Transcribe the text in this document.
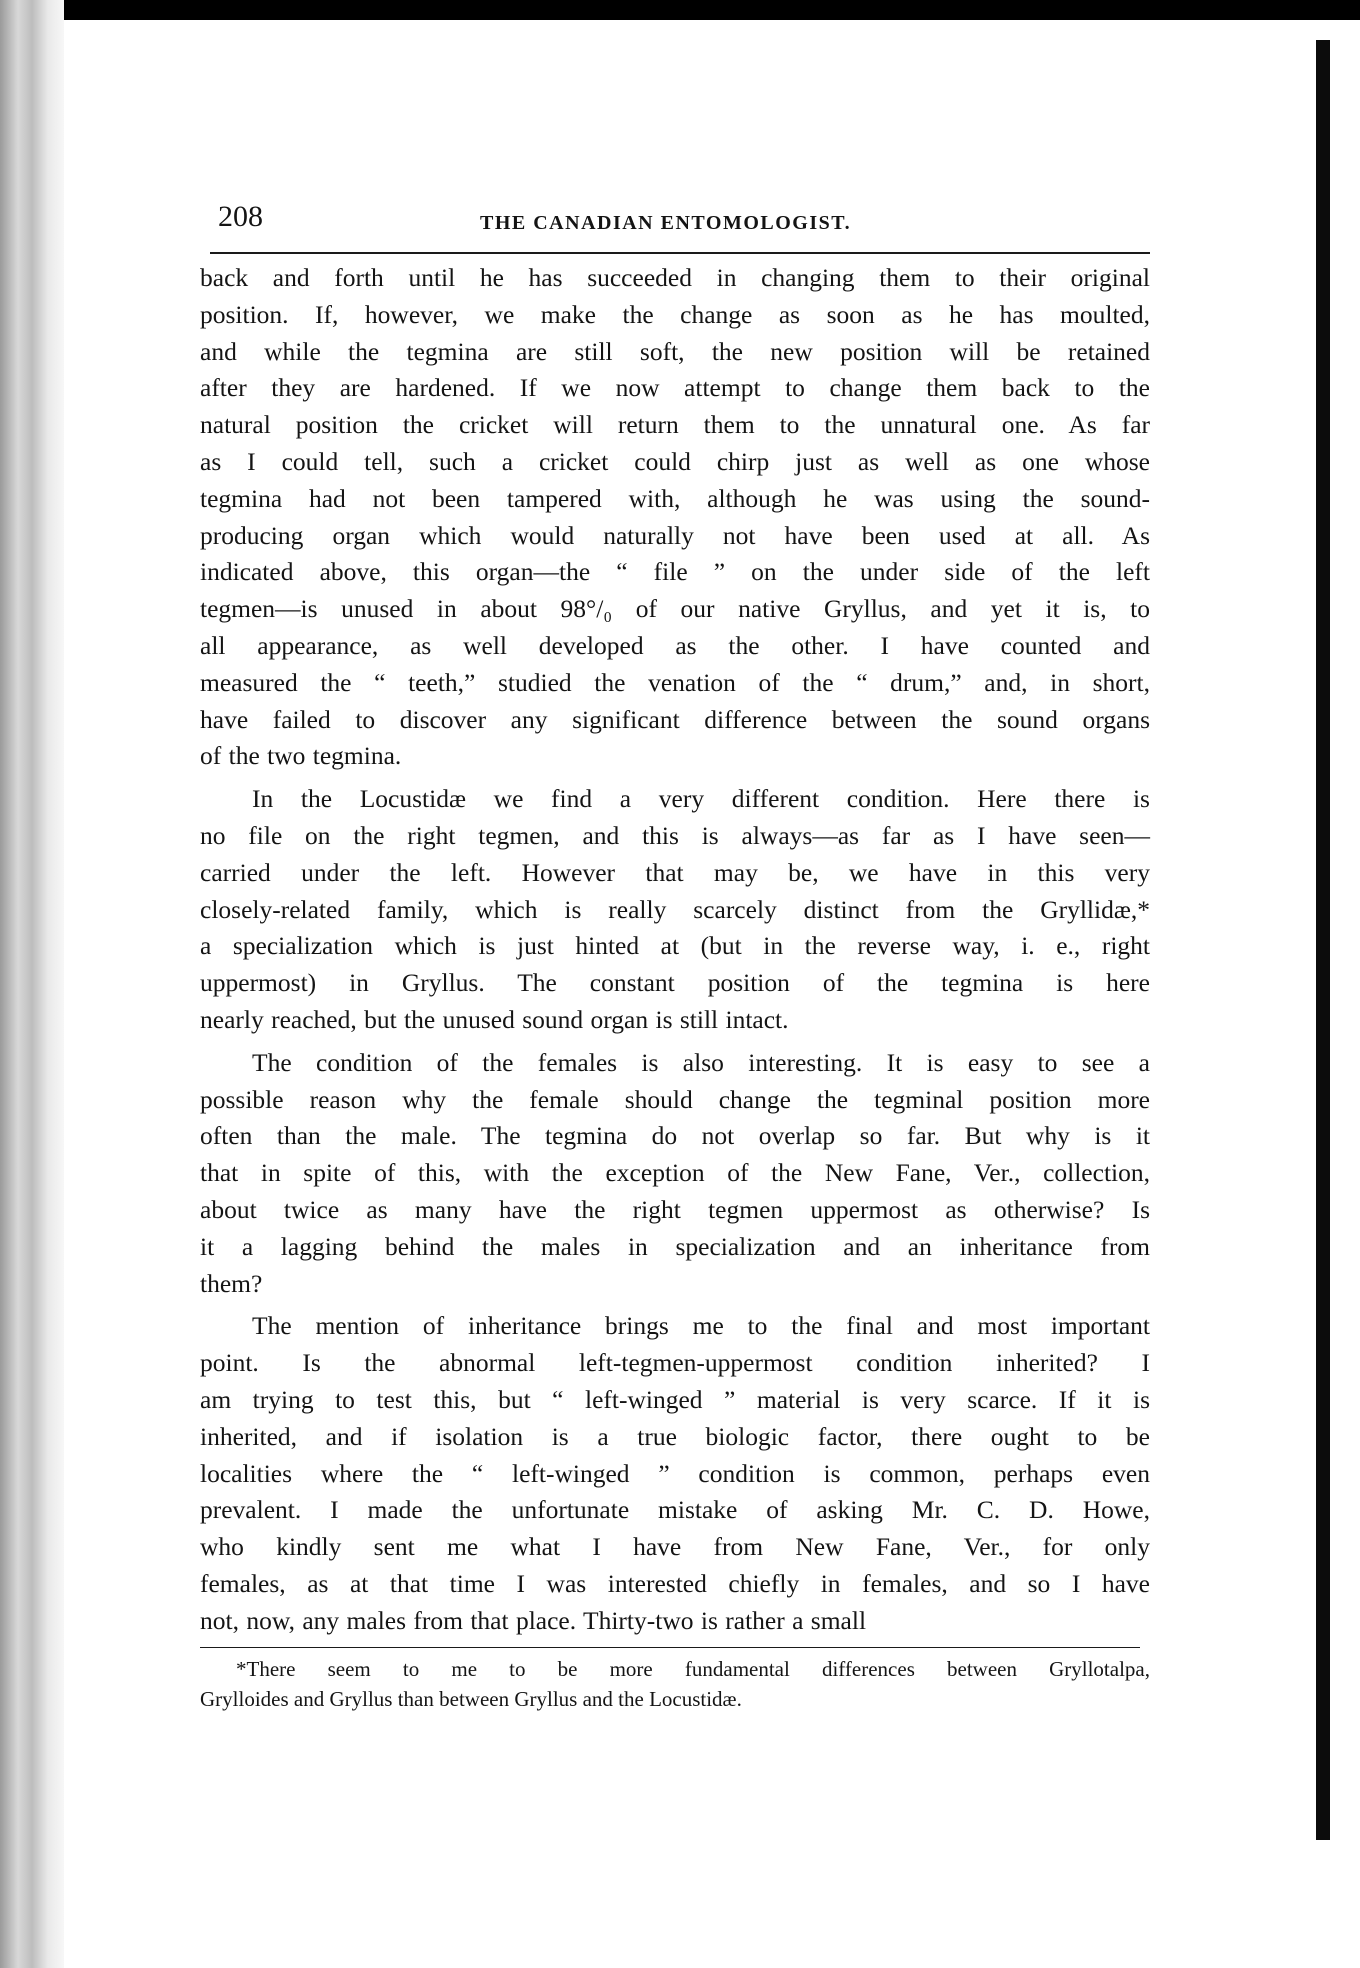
208	THE CANADIAN ENTOMOLOGIST.
back and forth until he has succeeded in changing them to their original
position. If, however, we make the change as soon as he has moulted,
and while the tegmina are still soft, the new position will be retained
after they are hardened. If we now attempt to change them back to the
natural position the cricket will return them to the unnatural one. As far
as I could tell, such a cricket could chirp just as well as one whose
tegmina had not been tampered with, although he was using the sound-
producing organ which would naturally not have been used at all. As
indicated above, this organ—the “ file ” on the under side of the left
tegmen—is unused in about 98°/₀ of our native Gryllus, and yet it is, to
all appearance, as well developed as the other. I have counted and
measured the “ teeth,” studied the venation of the “ drum,” and, in short,
have failed to discover any significant difference between the sound organs
of the two tegmina.
In the Locustidæ we find a very different condition. Here there is
no file on the right tegmen, and this is always—as far as I have seen—
carried under the left. However that may be, we have in this very
closely-related family, which is really scarcely distinct from the Gryllidæ,*
a specialization which is just hinted at (but in the reverse way, i. e., right
uppermost) in Gryllus. The constant position of the tegmina is here
nearly reached, but the unused sound organ is still intact.
The condition of the females is also interesting. It is easy to see a
possible reason why the female should change the tegminal position more
often than the male. The tegmina do not overlap so far. But why is it
that in spite of this, with the exception of the New Fane, Ver., collection,
about twice as many have the right tegmen uppermost as otherwise? Is
it a lagging behind the males in specialization and an inheritance from
them?
The mention of inheritance brings me to the final and most important
point. Is the abnormal left-tegmen-uppermost condition inherited? I
am trying to test this, but “ left-winged ” material is very scarce. If it is
inherited, and if isolation is a true biologic factor, there ought to be
localities where the “ left-winged ” condition is common, perhaps even
prevalent. I made the unfortunate mistake of asking Mr. C. D. Howe,
who kindly sent me what I have from New Fane, Ver., for only
females, as at that time I was interested chiefly in females, and so I have
not, now, any males from that place. Thirty-two is rather a small
*There seem to me to be more fundamental differences between Gryllotalpa,
Grylloides and Gryllus than between Gryllus and the Locustidæ.
